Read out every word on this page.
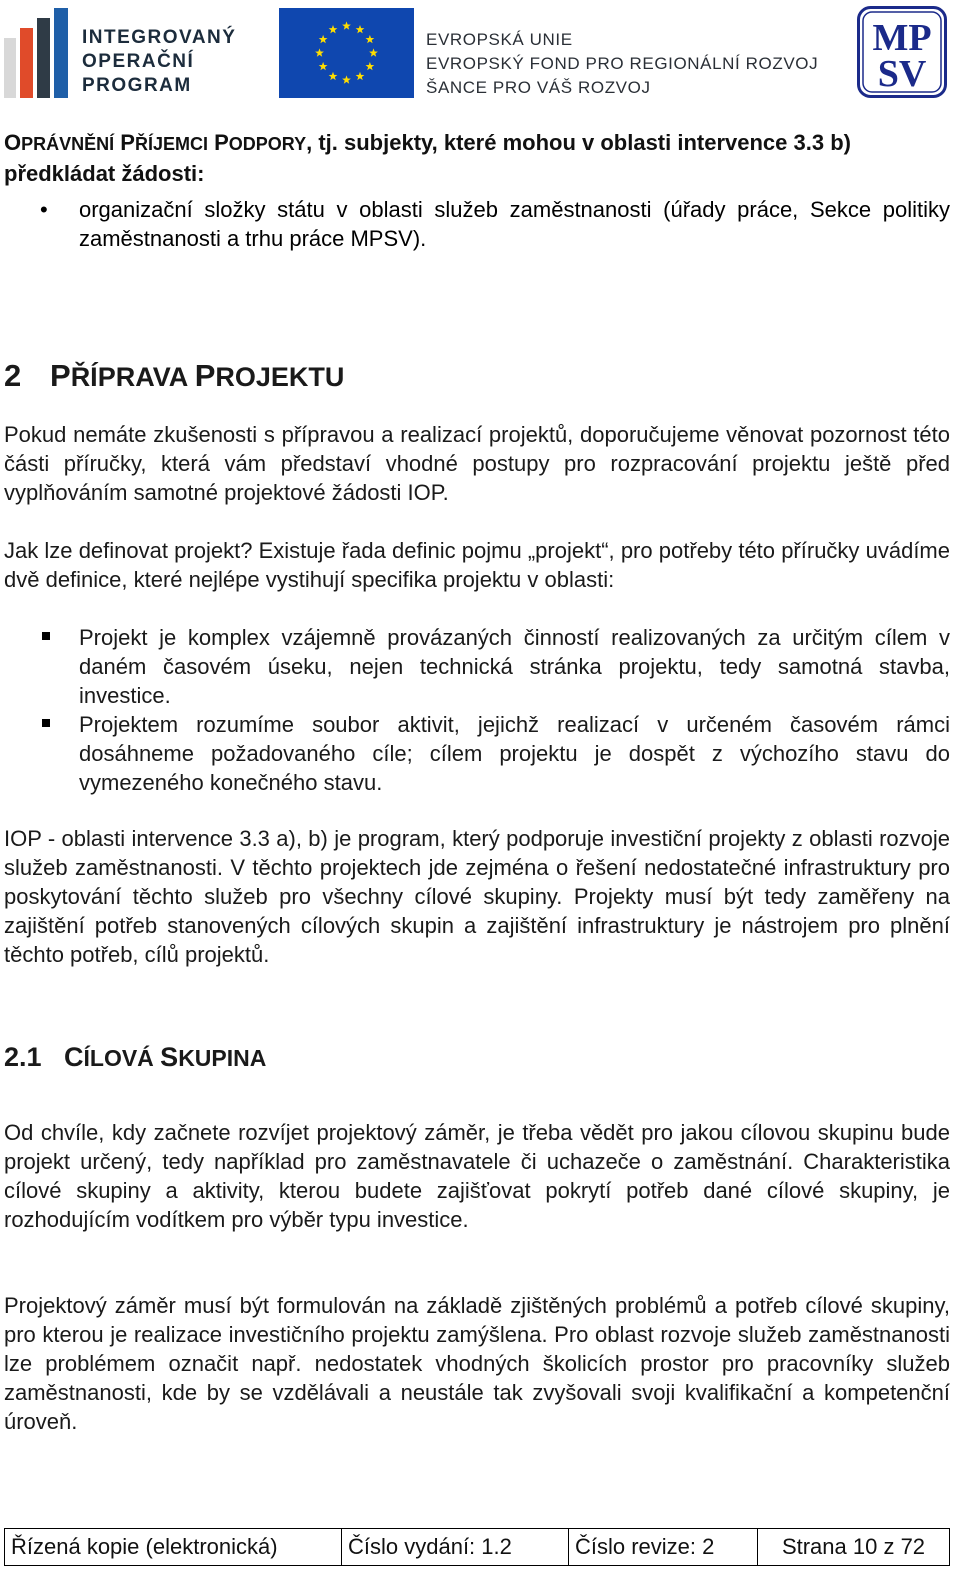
INTEGROVANÝ
OPERAČNÍ
PROGRAM
EVROPSKÁ UNIE
EVROPSKÝ FOND PRO REGIONÁLNÍ ROZVOJ
ŠANCE PRO VÁŠ ROZVOJ
MP
SV

OPRÁVNĚNÍ PŘÍJEMCI PODPORY, tj. subjekty, které mohou v oblasti intervence 3.3 b) předkládat žádosti:

• organizační složky státu v oblasti služeb zaměstnanosti (úřady práce, Sekce politiky zaměstnanosti a trhu práce MPSV).
2 PŘÍPRAVA PROJEKTU

Pokud nemáte zkušenosti s přípravou a realizací projektů, doporučujeme věnovat pozornost této části příručky, která vám představí vhodné postupy pro rozpracování projektu ještě před vyplňováním samotné projektové žádosti IOP.

Jak lze definovat projekt? Existuje řada definic pojmu „projekt“, pro potřeby této příručky uvádíme dvě definice, které nejlépe vystihují specifika projektu v oblasti:

Projekt je komplex vzájemně provázaných činností realizovaných za určitým cílem v daném časovém úseku, nejen technická stránka projektu, tedy samotná stavba, investice.
Projektem rozumíme soubor aktivit, jejichž realizací v určeném časovém rámci dosáhneme požadovaného cíle; cílem projektu je dospět z výchozího stavu do vymezeného konečného stavu.

IOP - oblasti intervence 3.3 a), b) je program, který podporuje investiční projekty z oblasti rozvoje služeb zaměstnanosti. V těchto projektech jde zejména o řešení nedostatečné infrastruktury pro poskytování těchto služeb pro všechny cílové skupiny. Projekty musí být tedy zaměřeny na zajištění potřeb stanovených cílových skupin a zajištění infrastruktury je nástrojem pro plnění těchto potřeb, cílů projektů.

2.1 CÍLOVÁ SKUPINA

Od chvíle, kdy začnete rozvíjet projektový záměr, je třeba vědět pro jakou cílovou skupinu bude projekt určený, tedy například pro zaměstnavatele či uchazeče o zaměstnání. Charakteristika cílové skupiny a aktivity, kterou budete zajišťovat pokrytí potřeb dané cílové skupiny, je rozhodujícím vodítkem pro výběr typu investice.

Projektový záměr musí být formulován na základě zjištěných problémů a potřeb cílové skupiny, pro kterou je realizace investičního projektu zamýšlena. Pro oblast rozvoje služeb zaměstnanosti lze problémem označit např. nedostatek vhodných školicích prostor pro pracovníky služeb zaměstnanosti, kde by se vzdělávali a neustále tak zvyšovali svoji kvalifikační a kompetenční úroveň.

Řízená kopie (elektronická)	Číslo vydání: 1.2	Číslo revize: 2	Strana 10 z 72
